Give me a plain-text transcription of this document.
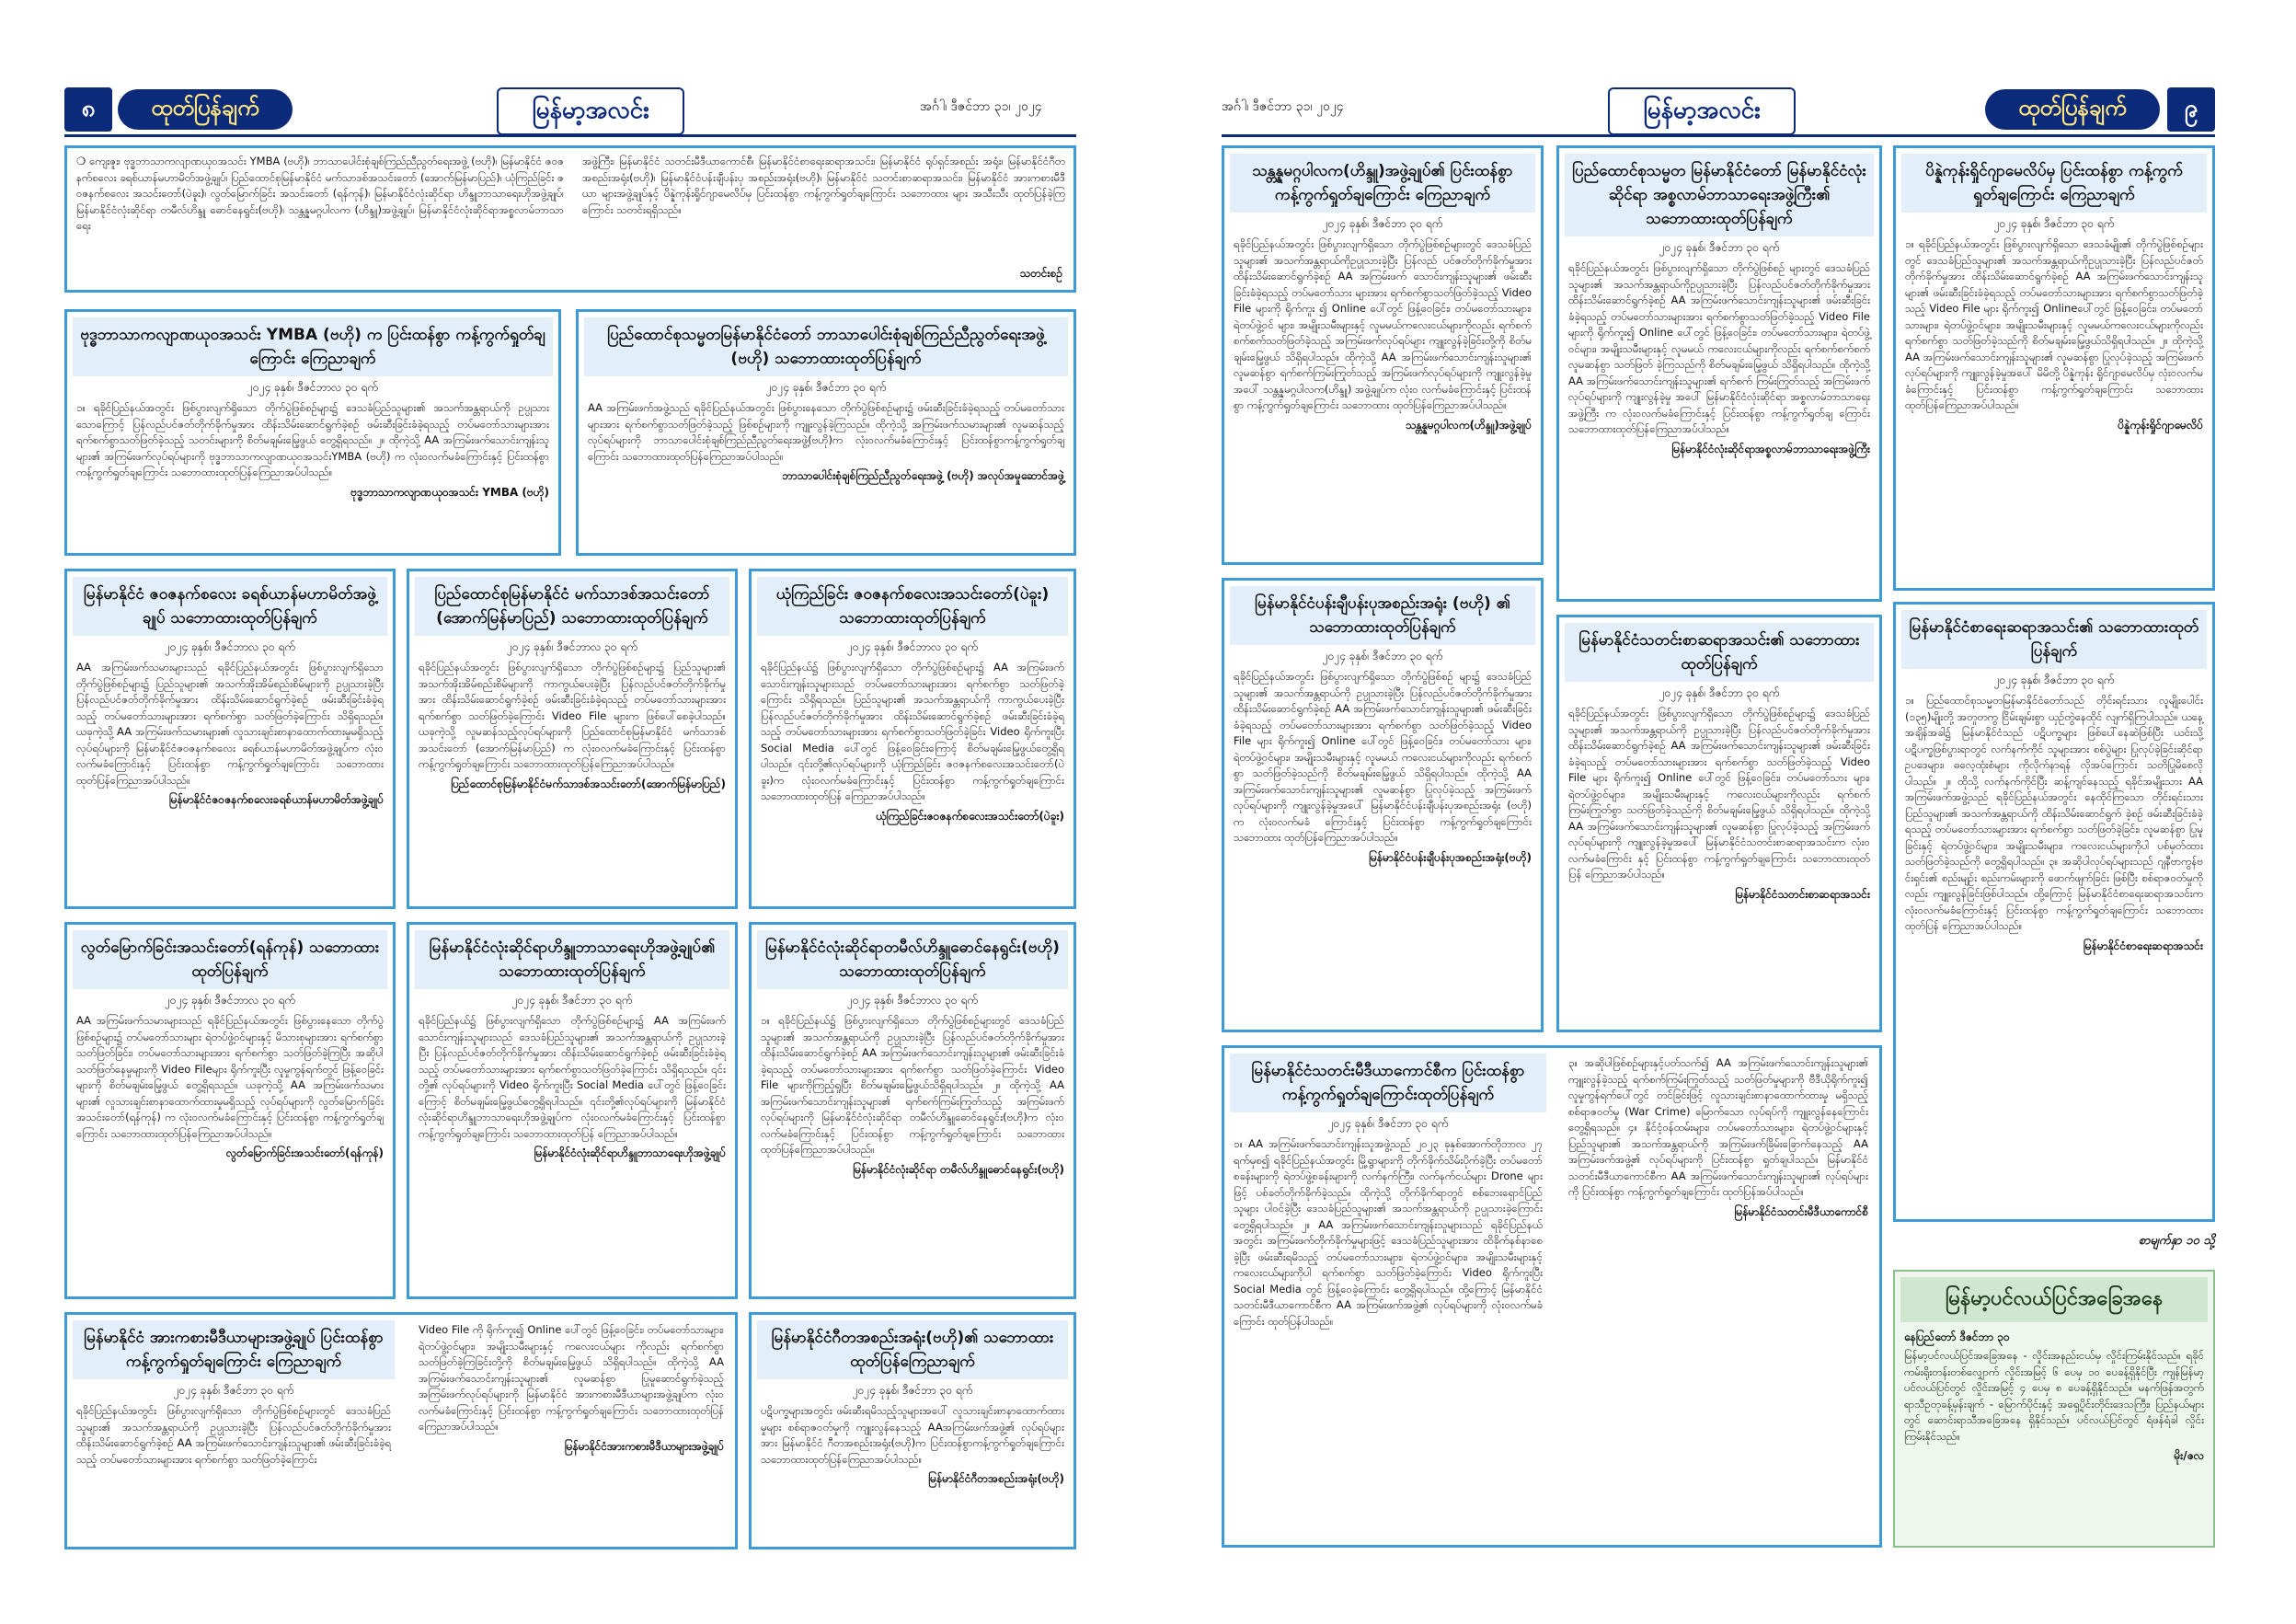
၈	ထုတ်ပြန်ချက်	မြန်မာ့အလင်း	အင်္ဂါ၊ ဒီဇင်ဘာ ၃၁၊ ၂၀၂၄
❍ ကျေးဇူး၊ ဗုဒ္ဓဘာသာကလျာဏယုဝအသင်း YMBA (ဗဟို)၊ ဘာသာပေါင်းစုံချစ်ကြည်ညီညွတ်ရေးအဖွဲ့ (ဗဟို)၊ မြန်မာနိုင်ငံ ဇဝဇနက်စလေး ခရစ်ယာန်မဟာမိတ်အဖွဲ့ချုပ်၊ ပြည်ထောင်စုမြန်မာနိုင်ငံ မက်သာဒစ်အသင်းတော် (အောက်မြန်မာပြည်)၊ ယုံကြည်ခြင်း ဇဝဇနက်စလေး အသင်းတော်(ပဲခူး)၊ လွတ်မြောက်ခြင်း အသင်းတော် (ရန်ကုန်)၊ မြန်မာနိုင်ငံလုံးဆိုင်ရာ ဟိန္ဒူဘာသာရေးဟိုအဖွဲ့ချုပ်၊ မြန်မာနိုင်ငံလုံးဆိုင်ရာ တမီလ်ဟိန္ဒူ ဓောင်နေရွင်း(ဗဟို)၊ သန္တန္နမဂ္ဂပါလက (ဟိန္ဒူ)အဖွဲ့ချုပ်၊ မြန်မာနိုင်ငံလုံးဆိုင်ရာအစ္စလာမ်ဘာသာရေး
အဖွဲ့ကြီး၊ မြန်မာနိုင်ငံ သတင်းမီဒီယာကောင်စီ၊ မြန်မာနိုင်ငံစာရေးဆရာအသင်း၊ မြန်မာနိုင်ငံ ရုပ်ရှင်အစည်း အရုံး၊ မြန်မာနိုင်ငံဂီတအစည်းအရုံး(ဗဟို)၊ မြန်မာနိုင်ငံပန်းချီပန်းပု အစည်းအရုံး(ဗဟို)၊ မြန်မာနိုင်ငံ သတင်းစာဆရာအသင်း၊ မြန်မာနိုင်ငံ အားကစားမီဒီယာ များအဖွဲ့ချုပ်နှင့် ပိန္နဲကုန်းရှိုင်ဂျာမေလိပ်မှ ပြင်းထန်စွာ ကန့်ကွက်ရှုတ်ချကြောင်း သဘောထား များ အသီးသီး ထုတ်ပြန်ခဲ့ကြကြောင်း သတင်းရရှိသည်။
သတင်းစဉ်
ဗုဒ္ဓဘာသာကလျာဏယုဝအသင်း YMBA (ဗဟို) က ပြင်းထန်စွာ ကန့်ကွက်ရှုတ်ချကြောင်း ကြေညာချက်
၂၀၂၄ ခုနှစ်၊ ဒီဇင်ဘာလ ၃၀ ရက်
၁။ ရခိုင်ပြည်နယ်အတွင်း ဖြစ်ပွားလျက်ရှိသော တိုက်ပွဲဖြစ်စဉ်များ၌ ဒေသခံပြည်သူများ၏ အသက်အန္တရာယ်ကို ဥပ္ပုသားသောကြောင့် ပြန်လည်ပင်ဇတ်တိုက်ခိုက်မှုအား ထိန်းသိမ်းဆောင်ရွက်ခဲ့စဉ် ဖမ်းဆီးခြင်းခံခဲ့ရသည့် တပ်မတော်သားများအား ရက်စက်စွာသတ်ဖြတ်ခဲ့သည့် သတင်းများကို စိတ်မချမ်းမြေ့ဖွယ် တွေ့ရှိရသည်။ ၂။ ထိုကဲ့သို့ AA အကြမ်းဖက်သောင်းကျန်းသူများ၏ အကြမ်းဖက်လုပ်ရပ်များကို ဗုဒ္ဓဘာသာကလျာဏယုဝအသင်းYMBA (ဗဟို) က လုံးဝလက်မခံကြောင်းနှင့် ပြင်းထန်စွာ ကန့်ကွက်ရှုတ်ချကြောင်း သဘောထားထုတ်ပြန်ကြေညာအပ်ပါသည်။
ဗုဒ္ဓဘာသာကလျာဏယုဝအသင်း YMBA (ဗဟို)
ပြည်ထောင်စုသမ္မတမြန်မာနိုင်ငံတော် ဘာသာပေါင်းစုံချစ်ကြည်ညီညွတ်ရေးအဖွဲ့ (ဗဟို) သဘောထားထုတ်ပြန်ချက်
၂၀၂၄ ခုနှစ်၊ ဒီဇင်ဘာ ၃၀ ရက်
AA အကြမ်းဖက်အဖွဲ့သည် ရခိုင်ပြည်နယ်အတွင်း ဖြစ်ပွားနေသော တိုက်ပွဲဖြစ်စဉ်များ၌ ဖမ်းဆီးခြင်းခံခဲ့ရသည့် တပ်မတော်သားများအား ရက်စက်စွာသတ်ဖြတ်ခဲ့သည့် ဖြစ်စဉ်များကို ကျူးလွန်ခဲ့ကြသည်။ ထိုကဲ့သို့ အကြမ်းဖက်သမားများ၏ လူမဆန်သည့်လုပ်ရပ်များကို ဘာသာပေါင်းစုံချစ်ကြည်ညီညွတ်ရေးအဖွဲ့(ဗဟို)က လုံးဝလက်မခံကြောင်းနှင့် ပြင်းထန်စွာကန့်ကွက်ရှုတ်ချကြောင်း သဘောထားထုတ်ပြန်ကြေညာအပ်ပါသည်။
ဘာသာပေါင်းစုံချစ်ကြည်ညီညွတ်ရေးအဖွဲ့ (ဗဟို) အလုပ်အမှုဆောင်အဖွဲ့
မြန်မာနိုင်ငံ ဇဝဇနက်စလေး ခရစ်ယာန်မဟာမိတ်အဖွဲ့ချုပ် သဘောထားထုတ်ပြန်ချက်
၂၀၂၄ ခုနှစ်၊ ဒီဇင်ဘာလ ၃၀ ရက်
AA အကြမ်းဖက်သမားများသည် ရခိုင်ပြည်နယ်အတွင်း ဖြစ်ပွားလျက်ရှိသော တိုက်ပွဲဖြစ်စဉ်များ၌ ပြည်သူများ၏ အသက်အိုးအိမ်စည်းစိမ်များကို ဥပ္ပုသားခဲ့ပြီး ပြန်လည်ပင်ဇတ်တိုက်ခိုက်မှုအား ထိန်းသိမ်းဆောင်ရွက်ခဲ့စဉ် ဖမ်းဆီးခြင်းခံခဲ့ရသည့် တပ်မတော်သားများအား ရက်စက်စွာ သတ်ဖြတ်ခဲ့ကြောင်း သိရှိရသည်။ ယခုကဲ့သို့ AA အကြမ်းဖက်သမားများ၏ လူသားချင်းစာနာထောက်ထားမှုမရှိသည့်လုပ်ရပ်များကို မြန်မာနိုင်ငံဇဝဇနက်စလေး ခရစ်ယာန်မဟာမိတ်အဖွဲ့ချုပ်က လုံးဝလက်မခံကြောင်းနှင့် ပြင်းထန်စွာ ကန့်ကွက်ရှုတ်ချကြောင်း သဘောထားထုတ်ပြန်ကြေညာအပ်ပါသည်။
မြန်မာနိုင်ငံဇဝဇနက်စလေးခရစ်ယာန်မဟာမိတ်အဖွဲ့ချုပ်
ပြည်ထောင်စုမြန်မာနိုင်ငံ မက်သာဒစ်အသင်းတော် (အောက်မြန်မာပြည်) သဘောထားထုတ်ပြန်ချက်
၂၀၂၄ ခုနှစ်၊ ဒီဇင်ဘာလ ၃၀ ရက်
ရခိုင်ပြည်နယ်အတွင်း ဖြစ်ပွားလျက်ရှိသော တိုက်ပွဲဖြစ်စဉ်များ၌ ပြည်သူများ၏ အသက်အိုးအိမ်စည်းစိမ်များကို ကာကွယ်ပေးခဲ့ပြီး ပြန်လည်ပင်ဇတ်တိုက်ခိုက်မှုအား ထိန်းသိမ်းဆောင်ရွက်ခဲ့စဉ် ဖမ်းဆီးခြင်းခံခဲ့ရသည့် တပ်မတော်သားများအား ရက်စက်စွာ သတ်ဖြတ်ခဲ့ကြောင်း Video File များက ဖြစ်ပေါ်စေခဲ့ပါသည်။ ယခုကဲ့သို့ လူမဆန်သည့်လုပ်ရပ်များကို ပြည်ထောင်စုမြန်မာနိုင်ငံ မက်သာဒစ်အသင်းတော် (အောက်မြန်မာပြည်) က လုံးဝလက်မခံကြောင်းနှင့် ပြင်းထန်စွာ ကန့်ကွက်ရှုတ်ချကြောင်း သဘောထားထုတ်ပြန်ကြေညာအပ်ပါသည်။
ပြည်ထောင်စုမြန်မာနိုင်ငံမက်သာဒစ်အသင်းတော်(အောက်မြန်မာပြည်)
ယုံကြည်ခြင်း ဇဝဇနက်စလေးအသင်းတော်(ပဲခူး) သဘောထားထုတ်ပြန်ချက်
၂၀၂၄ ခုနှစ်၊ ဒီဇင်ဘာလ ၃၀ ရက်
ရခိုင်ပြည်နယ်၌ ဖြစ်ပွားလျက်ရှိသော တိုက်ပွဲဖြစ်စဉ်များ၌ AA အကြမ်းဖက်သောင်းကျန်းသူများသည် တပ်မတော်သားများအား ရက်စက်စွာ သတ်ဖြတ်ခဲ့ကြောင်း သိရှိရသည်။ ပြည်သူများ၏ အသက်အန္တရာယ်ကို ကာကွယ်ပေးခဲ့ပြီး ပြန်လည်ပင်ဇတ်တိုက်ခိုက်မှုအား ထိန်းသိမ်းဆောင်ရွက်ခဲ့စဉ် ဖမ်းဆီးခြင်းခံခဲ့ရသည့် တပ်မတော်သားများအား ရက်စက်စွာသတ်ဖြတ်ခဲ့ခြင်း Video ရိုက်ကူးပြီး Social Media ပေါ်တွင် ဖြန့်ဝေခြင်းကြောင့် စိတ်မချမ်းမြေ့ဖွယ်တွေ့ရှိရပါသည်။ ၎င်းတို့၏လုပ်ရပ်များကို ယုံကြည်ခြင်း ဇဝဇနက်စလေးအသင်းတော်(ပဲခူး)က လုံးဝလက်မခံကြောင်းနှင့် ပြင်းထန်စွာ ကန့်ကွက်ရှုတ်ချကြောင်း သဘောထားထုတ်ပြန် ကြေညာအပ်ပါသည်။
ယုံကြည်ခြင်းဇဝဇနက်စလေးအသင်းတော်(ပဲခူး)
လွတ်မြောက်ခြင်းအသင်းတော်(ရန်ကုန်) သဘောထားထုတ်ပြန်ချက်
၂၀၂၄ ခုနှစ်၊ ဒီဇင်ဘာလ ၃၀ ရက်
AA အကြမ်းဖက်သမားများသည် ရခိုင်ပြည်နယ်အတွင်း ဖြစ်ပွားနေသော တိုက်ပွဲဖြစ်စဉ်များ၌ တပ်မတော်သားများ ရဲတပ်ဖွဲ့ဝင်များနှင့် မိသားစုများအား ရက်စက်စွာသတ်ဖြတ်ခြင်း၊ တပ်မတော်သားများအား ရက်စက်စွာ သတ်ဖြတ်ခဲ့ကြပြီး အဆိုပါ သတ်ဖြတ်နေမှုများကို Video Fileများ ရိုက်ကူးပြီး လူမှုကွန်ရက်တွင် ဖြန့်ဝေခြင်းများကို စိတ်မချမ်းမြေ့ဖွယ် တွေ့ရှိရသည်။ ယခုကဲ့သို့ AA အကြမ်းဖက်သမားများ၏ လူသားချင်းစာနာထောက်ထားမှုမရှိသည့် လုပ်ရပ်များကို လွတ်မြောက်ခြင်းအသင်းတော်(ရန်ကုန်) က လုံးဝလက်မခံကြောင်းနှင့် ပြင်းထန်စွာ ကန့်ကွက်ရှုတ်ချကြောင်း သဘောထားထုတ်ပြန်ကြေညာအပ်ပါသည်။
လွတ်မြောက်ခြင်းအသင်းတော်(ရန်ကုန်)
မြန်မာနိုင်ငံလုံးဆိုင်ရာဟိန္ဒူဘာသာရေးဟိုအဖွဲ့ချုပ်၏ သဘောထားထုတ်ပြန်ချက်
၂၀၂၄ ခုနှစ်၊ ဒီဇင်ဘာ ၃၀ ရက်
ရခိုင်ပြည်နယ်၌ ဖြစ်ပွားလျက်ရှိသော တိုက်ပွဲဖြစ်စဉ်များ၌ AA အကြမ်းဖက်သောင်းကျန်းသူများသည် ဒေသခံပြည်သူများ၏ အသက်အန္တရာယ်ကို ဥပ္ပုသားခဲ့ပြီး ပြန်လည်ပင်ဇတ်တိုက်ခိုက်မှုအား ထိန်းသိမ်းဆောင်ရွက်ခဲ့စဉ် ဖမ်းဆီးခြင်းခံခဲ့ရသည့် တပ်မတော်သားများအား ရက်စက်စွာသတ်ဖြတ်ခဲ့ကြောင်း သိရှိရသည်။ ၎င်းတို့၏ လုပ်ရပ်များကို Video ရိုက်ကူးပြီး Social Media ပေါ်တွင် ဖြန့်ဝေခြင်းကြောင့် စိတ်မချမ်းမြေ့ဖွယ်တွေ့ရှိရပါသည်။ ၎င်းတို့၏လုပ်ရပ်များကို မြန်မာနိုင်ငံလုံးဆိုင်ရာဟိန္ဒူဘာသာရေးဟိုအဖွဲ့ချုပ်က လုံးဝလက်မခံကြောင်းနှင့် ပြင်းထန်စွာ ကန့်ကွက်ရှုတ်ချကြောင်း သဘောထားထုတ်ပြန် ကြေညာအပ်ပါသည်။
မြန်မာနိုင်ငံလုံးဆိုင်ရာဟိန္ဒူဘာသာရေးဟိုအဖွဲ့ချုပ်
မြန်မာနိုင်ငံလုံးဆိုင်ရာတမီလ်ဟိန္ဒူဓောင်နေရွင်း(ဗဟို) သဘောထားထုတ်ပြန်ချက်
၂၀၂၄ ခုနှစ်၊ ဒီဇင်ဘာလ ၃၀ ရက်
၁။ ရခိုင်ပြည်နယ်၌ ဖြစ်ပွားလျက်ရှိသော တိုက်ပွဲဖြစ်စဉ်များတွင် ဒေသခံပြည်သူများ၏ အသက်အန္တရာယ်ကို ဥပ္ပုသားခဲ့ပြီး ပြန်လည်ပင်ဇတ်တိုက်ခိုက်မှုအား ထိန်းသိမ်းဆောင်ရွက်ခဲ့စဉ် AA အကြမ်းဖက်သောင်းကျန်းသူများ၏ ဖမ်းဆီးခြင်းခံခဲ့ရသည့် တပ်မတော်သားများအား ရက်စက်စွာ သတ်ဖြတ်ခဲ့ကြောင်း Video File များကိုကြည့်ရှုပြီး စိတ်မချမ်းမြေ့ဖွယ်သိရှိရပါသည်။ ၂။ ထိုကဲ့သို့ AA အကြမ်းဖက်သောင်းကျန်းသူများ၏ ရက်စက်ကြမ်းကြုတ်သည့် အကြမ်းဖက်လုပ်ရပ်များကို မြန်မာနိုင်ငံလုံးဆိုင်ရာ တမီလ်ဟိန္ဒူဓောင်နေရွင်း(ဗဟို)က လုံးဝလက်မခံကြောင်းနှင့် ပြင်းထန်စွာ ကန့်ကွက်ရှုတ်ချကြောင်း သဘောထားထုတ်ပြန်ကြေညာအပ်ပါသည်။
မြန်မာနိုင်ငံလုံးဆိုင်ရာ တမီလ်ဟိန္ဒူဓောင်နေရွင်း(ဗဟို)
မြန်မာနိုင်ငံ အားကစားမီဒီယာများအဖွဲ့ချုပ် ပြင်းထန်စွာကန့်ကွက်ရှုတ်ချကြောင်း ကြေညာချက်
၂၀၂၄ ခုနှစ်၊ ဒီဇင်ဘာ ၃၀ ရက်
ရခိုင်ပြည်နယ်အတွင်း ဖြစ်ပွားလျက်ရှိသော တိုက်ပွဲဖြစ်စဉ်များတွင် ဒေသခံပြည်သူများ၏ အသက်အန္တရာယ်ကို ဥပ္ပုသားခဲ့ပြီး ပြန်လည်ပင်ဇတ်တိုက်ခိုက်မှုအား ထိန်းသိမ်းဆောင်ရွက်ခဲ့စဉ် AA အကြမ်းဖက်သောင်းကျန်းသူများ၏ ဖမ်းဆီးခြင်းခံခဲ့ရသည့် တပ်မတော်သားများအား ရက်စက်စွာ သတ်ဖြတ်ခဲ့ကြောင်း
Video File ကို ရိုက်ကူး၍ Online ပေါ်တွင် ဖြန့်ဝေခြင်း၊ တပ်မတော်သားများ၊ ရဲတပ်ဖွဲ့ဝင်များ၊ အမျိုးသမီးများနှင့် ကလေးငယ်များ ကိုလည်း ရက်စက်စွာသတ်ဖြတ်ခဲ့ကြခြင်းတို့ကို စိတ်မချမ်းမြေ့ဖွယ် သိရှိရပါသည်။ ထိုကဲ့သို့ AA အကြမ်းဖက်သောင်းကျန်းသူများ၏ လူမဆန်စွာ ပြုမူဆောင်ရွက်ခဲ့သည့် အကြမ်းဖက်လုပ်ရပ်များကို မြန်မာနိုင်ငံ အားကစားမီဒီယာများအဖွဲ့ချုပ်က လုံးဝလက်မခံကြောင်းနှင့် ပြင်းထန်စွာ ကန့်ကွက်ရှုတ်ချကြောင်း သဘောထားထုတ်ပြန် ကြေညာအပ်ပါသည်။
မြန်မာနိုင်ငံအားကစားမီဒီယာများအဖွဲ့ချုပ်
မြန်မာနိုင်ငံဂီတအစည်းအရုံး(ဗဟို)၏ သဘောထားထုတ်ပြန်ကြေညာချက်
၂၀၂၄ ခုနှစ်၊ ဒီဇင်ဘာ ၃၀ ရက်
ပဋိပက္ခများအတွင်း ဖမ်းဆီးရမိသည့်သူများအပေါ် လူသားချင်းစာနာထောက်ထားမှုများ စစ်ရာဇဝတ်မှုကို ကျူးလွန်နေသည့် AAအကြမ်းဖက်အဖွဲ့၏ လုပ်ရပ်များအား မြန်မာနိုင်ငံ ဂီတအစည်းအရုံး(ဗဟို)က ပြင်းထန်စွာကန့်ကွက်ရှုတ်ချကြောင်း သဘောထားထုတ်ပြန်ကြေညာအပ်ပါသည်။
မြန်မာနိုင်ငံဂီတအစည်းအရုံး(ဗဟို)
အင်္ဂါ၊ ဒီဇင်ဘာ ၃၁၊ ၂၀၂၄	မြန်မာ့အလင်း	ထုတ်ပြန်ချက်	၉
သန္တန္နမဂ္ဂပါလက(ဟိန္ဒူ)အဖွဲ့ချုပ်၏ ပြင်းထန်စွာ ကန့်ကွက်ရှုတ်ချကြောင်း ကြေညာချက်
၂၀၂၄ ခုနှစ်၊ ဒီဇင်ဘာ ၃၀ ရက်
ရခိုင်ပြည်နယ်အတွင်း ဖြစ်ပွားလျက်ရှိသော တိုက်ပွဲဖြစ်စဉ်များတွင် ဒေသခံပြည်သူများ၏ အသက်အန္တရာယ်ကိုဥပ္ပုသားခဲ့ပြီး ပြန်လည် ပင်ဇတ်တိုက်ခိုက်မှုအား ထိန်းသိမ်းဆောင်ရွက်ခဲ့စဉ် AA အကြမ်းဖက် သောင်းကျန်းသူများ၏ ဖမ်းဆီးခြင်းခံခဲ့ရသည့် တပ်မတော်သား များအား ရက်စက်စွာသတ်ဖြတ်ခဲ့သည့် Video File များကို ရိုက်ကူး ၍ Online ပေါ်တွင် ဖြန့်ဝေခြင်း၊ တပ်မတော်သားများ၊ ရဲတပ်ဖွဲ့ဝင် များ၊ အမျိုးသမီးများနှင့် လူမမယ်ကလေးငယ်များကိုလည်း ရက်စက်စက်စက်သတ်ဖြတ်ခဲ့သည့် အကြမ်းဖက်လုပ်ရပ်များ ကျူးလွန်ခဲ့ခြင်းတို့ကို စိတ်မချမ်းမြေ့ဖွယ် သိရှိရပါသည်။ ထိုကဲ့သို့ AA အကြမ်းဖက်သောင်းကျန်းသူများ၏ လူမဆန်စွာ ရက်စက်ကြမ်းကြုတ်သည့် အကြမ်းဖက်လုပ်ရပ်များကို ကျူးလွန်ခဲ့မှုအပေါ် သန္တန္နမဂ္ဂပါလက(ဟိန္ဒူ) အဖွဲ့ချုပ်က လုံးဝ လက်မခံကြောင်းနှင့် ပြင်းထန်စွာ ကန့်ကွက်ရှုတ်ချကြောင်း သဘောထား ထုတ်ပြန်ကြေညာအပ်ပါသည်။
သန္တန္နမဂ္ဂပါလက(ဟိန္ဒူ)အဖွဲ့ချုပ်
ပြည်ထောင်စုသမ္မတ မြန်မာနိုင်ငံတော် မြန်မာနိုင်ငံလုံးဆိုင်ရာ အစ္စလာမ်ဘာသာရေးအဖွဲ့ကြီး၏ သဘောထားထုတ်ပြန်ချက်
၂၀၂၄ ခုနှစ်၊ ဒီဇင်ဘာ ၃၀ ရက်
ရခိုင်ပြည်နယ်အတွင်း ဖြစ်ပွားလျက်ရှိသော တိုက်ပွဲဖြစ်စဉ် များတွင် ဒေသခံပြည်သူများ၏ အသက်အန္တရာယ်ကိုဥပ္ပုသားခဲ့ပြီး ပြန်လည်ပင်ဇတ်တိုက်ခိုက်မှုအား ထိန်းသိမ်းဆောင်ရွက်ခဲ့စဉ် AA အကြမ်းဖက်သောင်းကျန်းသူများ၏ ဖမ်းဆီးခြင်းခံခဲ့ရသည့် တပ်မတော်သားများအား ရက်စက်စွာသတ်ဖြတ်ခဲ့သည့် Video File များကို ရိုက်ကူး၍ Online ပေါ်တွင် ဖြန့်ဝေခြင်း၊ တပ်မတော်သားများ၊ ရဲတပ်ဖွဲ့ဝင်များ၊ အမျိုးသမီးများနှင့် လူမမယ် ကလေးငယ်များကိုလည်း ရက်စက်စက်စက်လူမဆန်စွာ သတ်ဖြတ် ခဲ့ကြသည်ကို စိတ်မချမ်းမြေ့ဖွယ် သိရှိရပါသည်။ ထိုကဲ့သို့ AA အကြမ်းဖက်သောင်းကျန်းသူများ၏ ရက်စက် ကြမ်းကြုတ်သည့် အကြမ်းဖက်လုပ်ရပ်များကို ကျူးလွန်ခဲ့မှု အပေါ် မြန်မာနိုင်ငံလုံးဆိုင်ရာ အစ္စလာမ်ဘာသာရေးအဖွဲ့ကြီး က လုံးဝလက်မခံကြောင်းနှင့် ပြင်းထန်စွာ ကန့်ကွက်ရှုတ်ချ ကြောင်း သဘောထားထုတ်ပြန်ကြေညာအပ်ပါသည်။
မြန်မာနိုင်ငံလုံးဆိုင်ရာအစ္စလာမ်ဘာသာရေးအဖွဲ့ကြီး
ပိန္နဲကုန်းရှိုင်ဂျာမေလိပ်မှ ပြင်းထန်စွာ ကန့်ကွက်ရှုတ်ချကြောင်း ကြေညာချက်
၂၀၂၄ ခုနှစ်၊ ဒီဇင်ဘာ ၃၀ ရက်
၁။ ရခိုင်ပြည်နယ်အတွင်း ဖြစ်ပွားလျက်ရှိသော ဒေသခံမျိုး၏ တိုက်ပွဲဖြစ်စဉ်များတွင် ဒေသခံပြည်သူများ၏ အသက်အန္တရာယ်ကိုဥပ္ပုသားခဲ့ပြီး ပြန်လည်ပင်ဇတ်တိုက်ခိုက်မှုအား ထိန်းသိမ်းဆောင်ရွက်ခဲ့စဉ် AA အကြမ်းဖက်သောင်းကျန်းသူများ၏ ဖမ်းဆီးခြင်းခံခဲ့ရသည့် တပ်မတော်သားများအား ရက်စက်စွာသတ်ဖြတ်ခဲ့သည့် Video File များ ရိုက်ကူး၍ Onlineပေါ်တွင် ဖြန့်ဝေခြင်း၊ တပ်မတော်သားများ၊ ရဲတပ်ဖွဲ့ဝင်များ၊ အမျိုးသမီးများနှင့် လူမမယ်ကလေးငယ်များကိုလည်း ရက်စက်စွာ သတ်ဖြတ်ခဲ့သည်ကို စိတ်မချမ်းမြေ့ဖွယ်သိရှိရပါသည်။ ၂။ ထိုကဲ့သို့ AA အကြမ်းဖက်သောင်းကျန်းသူများ၏ လူမဆန်စွာ ပြုလုပ်ခဲ့သည့် အကြမ်းဖက်လုပ်ရပ်များကို ကျူးလွန်ခဲ့မှုအပေါ် မိမိတို့ ပိန္နဲကုန်း ရှိုင်ဂျာမေလိပ်မှ လုံးဝလက်မခံကြောင်းနှင့် ပြင်းထန်စွာ ကန့်ကွက်ရှုတ်ချကြောင်း သဘောထားထုတ်ပြန်ကြေညာအပ်ပါသည်။
ပိန္နဲကုန်းရှိုင်ဂျာမေလိပ်
မြန်မာနိုင်ငံပန်းချီပန်းပုအစည်းအရုံး (ဗဟို) ၏ သဘောထားထုတ်ပြန်ချက်
၂၀၂၄ ခုနှစ်၊ ဒီဇင်ဘာ ၃၀ ရက်
ရခိုင်ပြည်နယ်အတွင်း ဖြစ်ပွားလျက်ရှိသော တိုက်ပွဲဖြစ်စဉ် များ၌ ဒေသခံပြည်သူများ၏ အသက်အန္တရာယ်ကို ဥပ္ပုသားခဲ့ပြီး ပြန်လည်ပင်ဇတ်တိုက်ခိုက်မှုအား ထိန်းသိမ်းဆောင်ရွက်ခဲ့စဉ် AA အကြမ်းဖက်သောင်းကျန်းသူများ၏ ဖမ်းဆီးခြင်းခံခဲ့ရသည့် တပ်မတော်သားများအား ရက်စက်စွာ သတ်ဖြတ်ခဲ့သည့် Video File များ ရိုက်ကူး၍ Online ပေါ်တွင် ဖြန့်ဝေခြင်း၊ တပ်မတော်သား များ၊ ရဲတပ်ဖွဲ့ဝင်များ၊ အမျိုးသမီးများနှင့် လူမမယ် ကလေးငယ်များကိုလည်း ရက်စက်စွာ သတ်ဖြတ်ခဲ့သည်ကို စိတ်မချမ်းမြေ့ဖွယ် သိရှိရပါသည်။ ထိုကဲ့သို့ AA အကြမ်းဖက်သောင်းကျန်းသူများ၏ လူမဆန်စွာ ပြုလုပ်ခဲ့သည့် အကြမ်းဖက်လုပ်ရပ်များကို ကျူးလွန်ခဲ့မှုအပေါ် မြန်မာနိုင်ငံပန်းချီပန်းပုအစည်းအရုံး (ဗဟို) က လုံးဝလက်မခံ ကြောင်းနှင့် ပြင်းထန်စွာ ကန့်ကွက်ရှုတ်ချကြောင်း သဘောထား ထုတ်ပြန်ကြေညာအပ်ပါသည်။
မြန်မာနိုင်ငံပန်းချီပန်းပုအစည်းအရုံး(ဗဟို)
မြန်မာနိုင်ငံသတင်းစာဆရာအသင်း၏ သဘောထားထုတ်ပြန်ချက်
၂၀၂၄ ခုနှစ်၊ ဒီဇင်ဘာ ၃၀ ရက်
ရခိုင်ပြည်နယ်အတွင်း ဖြစ်ပွားလျက်ရှိသော တိုက်ပွဲဖြစ်စဉ်များ၌ ဒေသခံပြည်သူများ၏ အသက်အန္တရာယ်ကို ဥပ္ပုသားခဲ့ပြီး ပြန်လည်ပင်ဇတ်တိုက်ခိုက်မှုအား ထိန်းသိမ်းဆောင်ရွက်ခဲ့စဉ် AA အကြမ်းဖက်သောင်းကျန်းသူများ၏ ဖမ်းဆီးခြင်းခံခဲ့ရသည့် တပ်မတော်သားများအား ရက်စက်စွာ သတ်ဖြတ်ခဲ့သည့် Video File များ ရိုက်ကူး၍ Online ပေါ်တွင် ဖြန့်ဝေခြင်း၊ တပ်မတော်သား များ၊ ရဲတပ်ဖွဲ့ဝင်များ၊ အမျိုးသမီးများနှင့် ကလေးငယ်များကိုလည်း ရက်စက်ကြမ်းကြုတ်စွာ သတ်ဖြတ်ခဲ့သည်ကို စိတ်မချမ်းမြေ့ဖွယ် သိရှိရပါသည်။ ထိုကဲ့သို့ AA အကြမ်းဖက်သောင်းကျန်းသူများ၏ လူမဆန်စွာ ပြုလုပ်ခဲ့သည့် အကြမ်းဖက်လုပ်ရပ်များကို ကျူးလွန်ခဲ့မှုအပေါ် မြန်မာနိုင်ငံသတင်းစာဆရာအသင်းက လုံးဝလက်မခံကြောင်း နှင့် ပြင်းထန်စွာ ကန့်ကွက်ရှုတ်ချကြောင်း သဘောထားထုတ်ပြန် ကြေညာအပ်ပါသည်။
မြန်မာနိုင်ငံသတင်းစာဆရာအသင်း
မြန်မာနိုင်ငံစာရေးဆရာအသင်း၏ သဘောထားထုတ်ပြန်ချက်
၂၀၂၄ ခုနှစ်၊ ဒီဇင်ဘာ ၃၀ ရက်
၁။ ပြည်ထောင်စုသမ္မတမြန်မာနိုင်ငံတော်သည် တိုင်းရင်းသား လူမျိုးပေါင်း (၁၃၅)မျိုးတို့ အတူတကွ ငြိမ်းချမ်းစွာ ယှဉ်တွဲနေထိုင် လျက်ရှိကြပါသည်။ ယနေ့အချိန်အခါ၌ မြန်မာနိုင်ငံသည် ပဋိပက္ခများ ဖြစ်ပေါ်နေဆဲဖြစ်ပြီး ယင်းသို့ ပဋိပက္ခဖြစ်ပွားရာတွင် လက်နက်ကိုင် သူများအား စစ်ပွဲများ ပြုလုပ်ခဲ့ခြင်းဆိုင်ရာ ဥပဒေများ၊ ဓလေ့ထုံးစံများ ကိုလိုက်နာရန် လိုအပ်ကြောင်း သတိပြုမိစေလိုပါသည်။ ၂။ ထိုသို့ လက်နက်ကိုင်ပြီး ဆန့်ကျင်နေသည့် ရခိုင်အမျိုးသား AA အကြမ်းဖက်အဖွဲ့သည် ရခိုင်ပြည်နယ်အတွင်း နေထိုင်ကြသော တိုင်းရင်းသားပြည်သူများ၏ အသက်အန္တရာယ်ကို ထိန်းသိမ်းဆောင်ရွက် ခဲ့စဉ် ဖမ်းဆီးခြင်းခံခဲ့ရသည့် တပ်မတော်သားများအား ရက်စက်စွာ သတ်ဖြတ်ခဲ့ခြင်း၊ လူမဆန်စွာ ပြုမူခြင်းနှင့် ရဲတပ်ဖွဲ့ဝင်များ၊ အမျိုးသမီးများ၊ ကလေးငယ်များကိုပါ ပစ်မှတ်ထားသတ်ဖြတ်ခဲ့သည်ကို တွေ့ရှိရပါသည်။ ၃။ အဆိုပါလုပ်ရပ်များသည် ဂျနီဗာကွန်ဗင်းရှင်း၏ စည်းမျဉ်း စည်းကမ်းများကို ဖောက်ဖျက်ခြင်း ဖြစ်ပြီး စစ်ရာဇဝတ်မှုကိုလည်း ကျူးလွန်ခြင်းဖြစ်ပါသည်။ ထို့ကြောင့် မြန်မာနိုင်ငံစာရေးဆရာအသင်းက လုံးဝလက်မခံကြောင်းနှင့် ပြင်းထန်စွာ ကန့်ကွက်ရှုတ်ချကြောင်း သဘောထားထုတ်ပြန် ကြေညာအပ်ပါသည်။
မြန်မာနိုင်ငံစာရေးဆရာအသင်း
မြန်မာနိုင်ငံသတင်းမီဒီယာကောင်စီက ပြင်းထန်စွာ ကန့်ကွက်ရှုတ်ချကြောင်းထုတ်ပြန်ချက်
၂၀၂၄ ခုနှစ်၊ ဒီဇင်ဘာ ၃၀ ရက်
၁။ AA အကြမ်းဖက်သောင်းကျန်းသူအဖွဲ့သည် ၂၀၂၃ ခုနှစ်အောက်တိုဘာလ ၂၇ ရက်မှစ၍ ရခိုင်ပြည်နယ်အတွင်း မြို့ရွာများကို တိုက်ခိုက်သိမ်းပိုက်ခဲ့ပြီး တပ်မတော်စခန်းများကို ရဲတပ်ဖွဲ့စခန်းများကို လက်နက်ကြီး၊ လက်နက်ငယ်များ Drone များဖြင့် ပစ်ခတ်တိုက်ခိုက်ခဲ့သည်။ ထိုကဲ့သို့ တိုက်ခိုက်ရာတွင် စစ်ဘေးရှောင်ပြည်သူများ ပါဝင်ခဲ့ပြီး ဒေသခံပြည်သူများ၏ အသက်အန္တရာယ်ကို ဥပ္ပုသားခဲ့ကြောင်း တွေ့ရှိရပါသည်။ ၂။ AA အကြမ်းဖက်သောင်းကျန်းသူများသည် ရခိုင်ပြည်နယ်အတွင်း အကြမ်းဖက်တိုက်ခိုက်မှုများဖြင့် ဒေသခံပြည်သူများအား ထိခိုက်နစ်နာစေခဲ့ပြီး ဖမ်းဆီးရမိသည့် တပ်မတော်သားများ၊ ရဲတပ်ဖွဲ့ဝင်များ၊ အမျိုးသမီးများနှင့် ကလေးငယ်များကိုပါ ရက်စက်စွာ သတ်ဖြတ်ခဲ့ကြောင်း Video ရိုက်ကူးပြီး Social Media တွင် ဖြန့်ဝေခဲ့ကြောင်း တွေ့ရှိရပါသည်။ ထို့ကြောင့် မြန်မာနိုင်ငံသတင်းမီဒီယာကောင်စီက AA အကြမ်းဖက်အဖွဲ့၏ လုပ်ရပ်များကို လုံးဝလက်မခံကြောင်း ထုတ်ပြန်ပါသည်။
၃။ အဆိုပါဖြစ်စဉ်များနှင့်ပတ်သက်၍ AA အကြမ်းဖက်သောင်းကျန်းသူများ၏ ကျူးလွန်ခဲ့သည့် ရက်စက်ကြမ်းကြုတ်သည့် သတ်ဖြတ်မှုများကို ဗီဒီယိုရိုက်ကူး၍ လူမှုကွန်ရက်ပေါ်တွင် တင်ခြင်းဖြင့် လူသားချင်းစာနာထောက်ထားမှု မရှိသည့် စစ်ရာဇဝတ်မှု (War Crime) မြောက်သော လုပ်ရပ်ကို ကျူးလွန်နေကြောင်း တွေ့ရှိရသည်။ ၄။ နိုင်ငံ့ဝန်ထမ်းများ၊ တပ်မတော်သားများ၊ ရဲတပ်ဖွဲ့ဝင်များနှင့် ပြည်သူများ၏ အသက်အန္တရာယ်ကို အကြမ်းဖက်ခြိမ်းခြောက်နေသည့် AA အကြမ်းဖက်အဖွဲ့၏ လုပ်ရပ်များကို ပြင်းထန်စွာ ရှုတ်ချပါသည်။ မြန်မာနိုင်ငံသတင်းမီဒီယာကောင်စီက AA အကြမ်းဖက်သောင်းကျန်းသူများ၏ လုပ်ရပ်များကို ပြင်းထန်စွာ ကန့်ကွက်ရှုတ်ချကြောင်း ထုတ်ပြန်အပ်ပါသည်။
မြန်မာနိုင်ငံသတင်းမီဒီယာကောင်စီ
စာမျက်နှာ ၁၀ သို့
မြန်မာ့ပင်လယ်ပြင်အခြေအနေ
နေပြည်တော် ဒီဇင်ဘာ ၃၀
မြန်မာ့ပင်လယ်ပြင်အခြေအနေ - လှိုင်းအနည်းငယ်မှ လှိုင်းကြမ်းနိုင်သည်။ ရခိုင်ကမ်းရိုးတန်းတစ်လျှောက် လှိုင်းအမြင့် ၆ ပေမှ ၁၀ ပေခန့်ရှိနိုင်ပြီး ကျန်မြန်မာ့ပင်လယ်ပြင်တွင် လှိုင်းအမြင့် ၄ ပေမှ ၈ ပေခန့်ရှိနိုင်သည်။ မနက်ဖြန်အတွက်ရာသီဥတုခန့်မှန်းချက် - မြောက်ပိုင်းနှင့် အရှေ့ပိုင်းတိုင်းဒေသကြီး၊ ပြည်နယ်များတွင် ဆောင်းရာသီအခြေအနေ ရှိနိုင်သည်။ ပင်လယ်ပြင်တွင် ရံဖန်ရံခါ လှိုင်းကြမ်းနိုင်သည်။
မိုး/ဇလ
